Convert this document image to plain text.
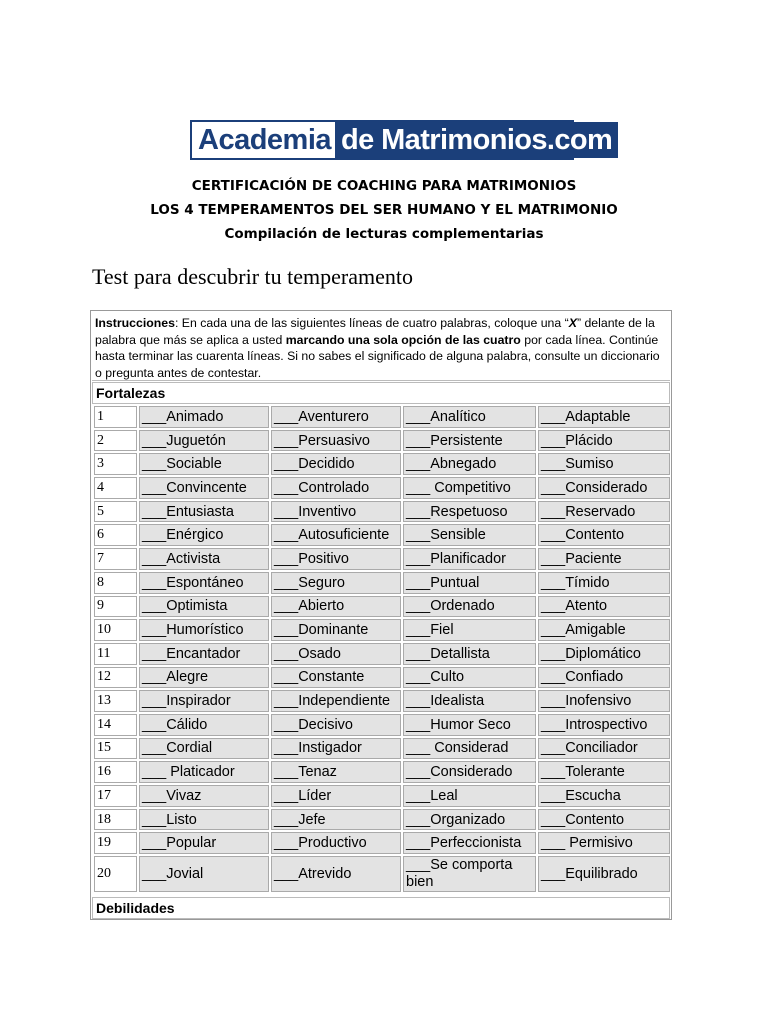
Academia de Matrimonios.com
CERTIFICACIÓN DE COACHING PARA MATRIMONIOS
LOS 4 TEMPERAMENTOS DEL SER HUMANO Y EL MATRIMONIO
Compilación de lecturas complementarias
Test para descubrir tu temperamento
Instrucciones: En cada una de las siguientes líneas de cuatro palabras, coloque una “X” delante de la palabra que más se aplica a usted marcando una sola opción de las cuatro por cada línea. Continúe hasta terminar las cuarenta líneas. Si no sabes el significado de alguna palabra, consulte un diccionario o pregunta antes de contestar.
Fortalezas
1	___Animado	___Aventurero	___Analítico	___Adaptable
2	___Juguetón	___Persuasivo	___Persistente	___Plácido
3	___Sociable	___Decidido	___Abnegado	___Sumiso
4	___Convincente	___Controlado	___ Competitivo	___Considerado
5	___Entusiasta	___Inventivo	___Respetuoso	___Reservado
6	___Enérgico	___Autosuficiente	___Sensible	___Contento
7	___Activista	___Positivo	___Planificador	___Paciente
8	___Espontáneo	___Seguro	___Puntual	___Tímido
9	___Optimista	___Abierto	___Ordenado	___Atento
10	___Humorístico	___Dominante	___Fiel	___Amigable
11	___Encantador	___Osado	___Detallista	___Diplomático
12	___Alegre	___Constante	___Culto	___Confiado
13	___Inspirador	___Independiente	___Idealista	___Inofensivo
14	___Cálido	___Decisivo	___Humor Seco	___Introspectivo
15	___Cordial	___Instigador	___ Considerad	___Conciliador
16	___ Platicador	___Tenaz	___Considerado	___Tolerante
17	___Vivaz	___Líder	___Leal	___Escucha
18	___Listo	___Jefe	___Organizado	___Contento
19	___Popular	___Productivo	___Perfeccionista	___ Permisivo
20	___Jovial	___Atrevido	___Se comporta bien	___Equilibrado
Debilidades
